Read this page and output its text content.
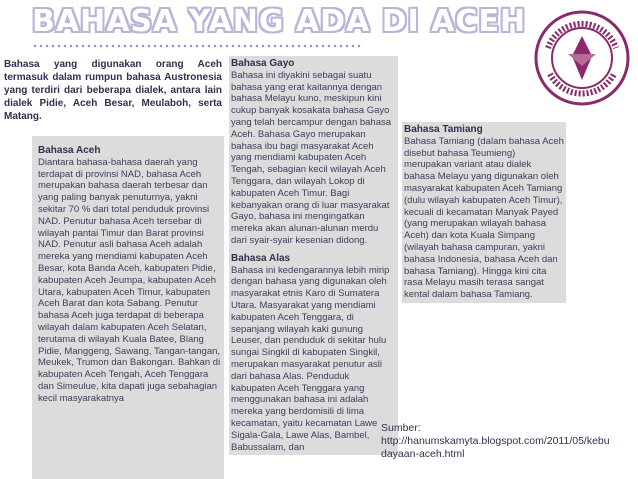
BAHASA YANG ADA DI ACEH

Bahasa yang digunakan orang Aceh termasuk dalam rumpun bahasa Austronesia yang terdiri dari beberapa dialek, antara lain dialek Pidie, Aceh Besar, Meulaboh, serta Matang.

Bahasa Aceh

Diantara bahasa-bahasa daerah yang terdapat di provinsi NAD, bahasa Aceh merupakan bahasa daerah terbesar dan yang paling banyak penuturnya, yakni sekitar 70 % dari total penduduk provinsi NAD. Penutur bahasa Aceh tersebar di wilayah pantai Timur dan Barat provinsi NAD. Penutur asli bahasa Aceh adalah mereka yang mendiami kabupaten Aceh Besar, kota Banda Aceh, kabupaten Pidie, kabupaten Aceh Jeumpa, kabupaten Aceh Utara, kabupaten Aceh Timur, kabupaten Aceh Barat dan kota Sabang. Penutur bahasa Aceh juga terdapat di beberapa wilayah dalam kabupaten Aceh Selatan, terutama di wilayah Kuala Batee, Blang Pidie, Manggeng, Sawang, Tangan-tangan, Meukek, Trumon dan Bakongan. Bahkan di kabupaten Aceh Tengah, Aceh Tenggara dan Simeulue, kita dapati juga sebahagian kecil masyarakatnya

Bahasa Gayo

Bahasa ini diyakini sebagai suatu bahasa yang erat kaitannya dengan bahasa Melayu kuno, meskipun kini cukup banyak kosakata bahasa Gayo yang telah bercampur dengan bahasa Aceh. Bahasa Gayo merupakan bahasa ibu bagi masyarakat Aceh yang mendiami kabupaten Aceh Tengah, sebagian kecil wilayah Aceh Tenggara, dan wilayah Lokop di kabupaten Aceh Timur. Bagi kebanyakan orang di luar masyarakat Gayo, bahasa ini mengingatkan mereka akan alunan-alunan merdu dari syair-syair kesenian didong.

Bahasa Alas

Bahasa ini kedengarannya lebih mirip dengan bahasa yang digunakan oleh masyarakat etnis Karo di Sumatera Utara. Masyarakat yang mendiami kabupaten Aceh Tenggara, di sepanjang wilayah kaki gunung Leuser, dan penduduk di sekitar hulu sungai Singkil di kabupaten Singkil, merupakan masyarakat penutur asli dari bahasa Alas. Penduduk kabupaten Aceh Tenggara yang menggunakan bahasa ini adalah mereka yang berdomisili di lima kecamatan, yaitu kecamatan Lawe Sigala-Gala, Lawe Alas, Bambel, Babussalam, dan

Bahasa Tamiang

Bahasa Tamiang (dalam bahasa Aceh disebut bahasa Teumieng) merupakan variant atau dialek bahasa Melayu yang digunakan oleh masyarakat kabupaten Aceh Tamiang (dulu wilayah kabupaten Aceh Timur), kecuali di kecamatan Manyak Payed (yang merupakan wilayah bahasa Aceh) dan kota Kuala Simpang (wilayah bahasa campuran, yakni bahasa Indonesia, bahasa Aceh dan bahasa Tamiang). Hingga kini cita rasa Melayu masih terasa sangat kental dalam bahasa Tamiang.

Sumber:
http://hanumskamyta.blogspot.com/2011/05/kebudayaan-aceh.html
